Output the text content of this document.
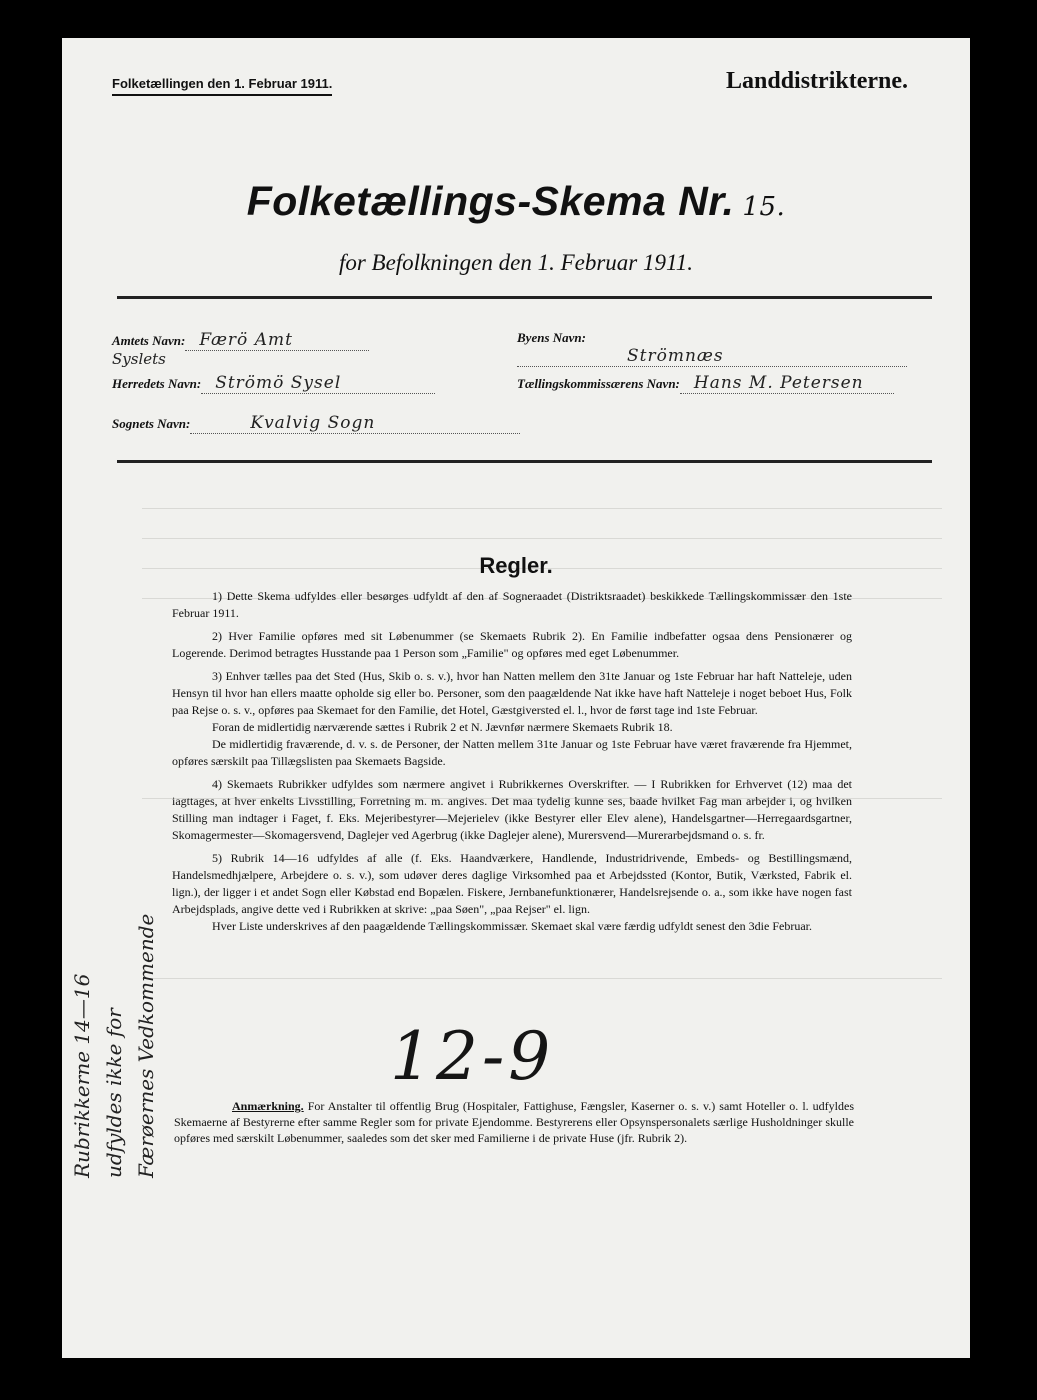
Folketællingen den 1. Februar 1911.	Landdistrikterne.
Folketællings-Skema Nr. 15.
for Befolkningen den 1. Februar 1911.
Amtets Navn: Færö Amt	Byens Navn:Strömnæs
Syslets
Herredets Navn: Strömö Sysel	Tællingskommissærens Navn: Hans M. Petersen
Sognets Navn:	Kvalvig Sogn
Rubrikkerne 14—16 udfyldes ikke for Færøernes Vedkommende
Regler.

1) Dette Skema udfyldes eller besørges udfyldt af den af Sogneraadet (Distriktsraadet) beskikkede Tællingskommissær den 1ste Februar 1911.

2) Hver Familie opføres med sit Løbenummer (se Skemaets Rubrik 2). En Familie indbefatter ogsaa dens Pensionærer og Logerende. Derimod betragtes Husstande paa 1 Person som „Familie" og opføres med eget Løbenummer.

3) Enhver tælles paa det Sted (Hus, Skib o. s. v.), hvor han Natten mellem den 31te Januar og 1ste Februar har haft Natteleje, uden Hensyn til hvor han ellers maatte opholde sig eller bo. Personer, som den paagældende Nat ikke have haft Natteleje i noget beboet Hus, Folk paa Rejse o. s. v., opføres paa Skemaet for den Familie, det Hotel, Gæstgiversted el. l., hvor de først tage ind 1ste Februar.

Foran de midlertidig nærværende sættes i Rubrik 2 et N. Jævnfør nærmere Skemaets Rubrik 18.

De midlertidig fraværende, d. v. s. de Personer, der Natten mellem 31te Januar og 1ste Februar have været fraværende fra Hjemmet, opføres særskilt paa Tillægslisten paa Skemaets Bagside.

4) Skemaets Rubrikker udfyldes som nærmere angivet i Rubrikkernes Overskrifter. — I Rubrikken for Erhvervet (12) maa det iagttages, at hver enkelts Livsstilling, Forretning m. m. angives. Det maa tydelig kunne ses, baade hvilket Fag man arbejder i, og hvilken Stilling man indtager i Faget, f. Eks. Mejeribestyrer—Mejerielev (ikke Bestyrer eller Elev alene), Handelsgartner—Herregaardsgartner, Skomagermester—Skomagersvend, Daglejer ved Agerbrug (ikke Daglejer alene), Murersvend—Murerarbejdsmand o. s. fr.

5) Rubrik 14—16 udfyldes af alle (f. Eks. Haandværkere, Handlende, Industridrivende, Embeds- og Bestillingsmænd, Handelsmedhjælpere, Arbejdere o. s. v.), som udøver deres daglige Virksomhed paa et Arbejdssted (Kontor, Butik, Værksted, Fabrik el. lign.), der ligger i et andet Sogn eller Købstad end Bopælen. Fiskere, Jernbanefunktionærer, Handelsrejsende o. a., som ikke have nogen fast Arbejdsplads, angive dette ved i Rubrikken at skrive: „paa Søen", „paa Rejser" el. lign.

Hver Liste underskrives af den paagældende Tællingskommissær. Skemaet skal være færdig udfyldt senest den 3die Februar.

12-9
Anmærkning. For Anstalter til offentlig Brug (Hospitaler, Fattighuse, Fængsler, Kaserner o. s. v.) samt Hoteller o. l. udfyldes Skemaerne af Bestyrerne efter samme Regler som for private Ejendomme. Bestyrerens eller Opsynspersonalets særlige Husholdninger skulle opføres med særskilt Løbenummer, saaledes som det sker med Familierne i de private Huse (jfr. Rubrik 2).
